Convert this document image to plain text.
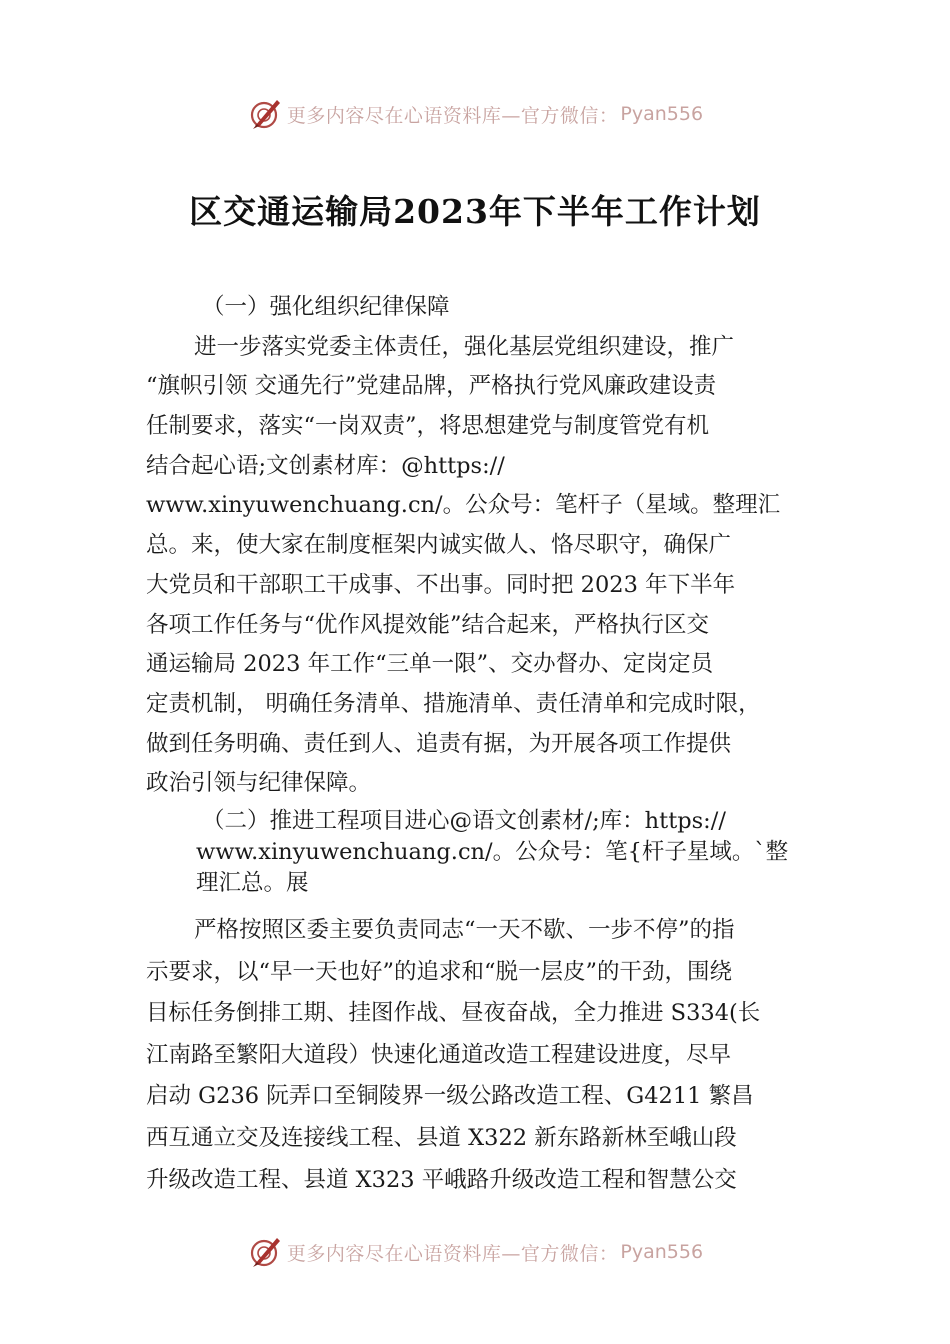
更多内容尽在心语资料库—官方微信： Pyan556
区交通运输局2023年下半年工作计划
（一）强化组织纪律保障
进一步落实党委主体责任，强化基层党组织建设，推广
“旗帜引领 交通先行”党建品牌，严格执行党风廉政建设责
任制要求，落实“一岗双责”，将思想建党与制度管党有机
结合起心语;文创素材库：@https://
www.xinyuwenchuang.cn/。公众号：笔杆子（星域。整理汇
总。来，使大家在制度框架内诚实做人、恪尽职守，确保广
大党员和干部职工干成事、不出事。同时把 2023 年下半年
各项工作任务与“优作风提效能”结合起来，严格执行区交
通运输局 2023 年工作“三单一限”、交办督办、定岗定员
定责机制， 明确任务清单、措施清单、责任清单和完成时限，
做到任务明确、责任到人、追责有据，为开展各项工作提供
政治引领与纪律保障。
（二）推进工程项目进心@语文创素材/;库：https://
www.xinyuwenchuang.cn/。公众号：笔{杆子星域。`整
理汇总。展
严格按照区委主要负责同志“一天不歇、一步不停”的指
示要求，以“早一天也好”的追求和“脱一层皮”的干劲，围绕
目标任务倒排工期、挂图作战、昼夜奋战，全力推进 S334(长
江南路至繁阳大道段）快速化通道改造工程建设进度，尽早
启动 G236 阮弄口至铜陵界一级公路改造工程、G4211 繁昌
西互通立交及连接线工程、县道 X322 新东路新林至峨山段
升级改造工程、县道 X323 平峨路升级改造工程和智慧公交
更多内容尽在心语资料库—官方微信： Pyan556
